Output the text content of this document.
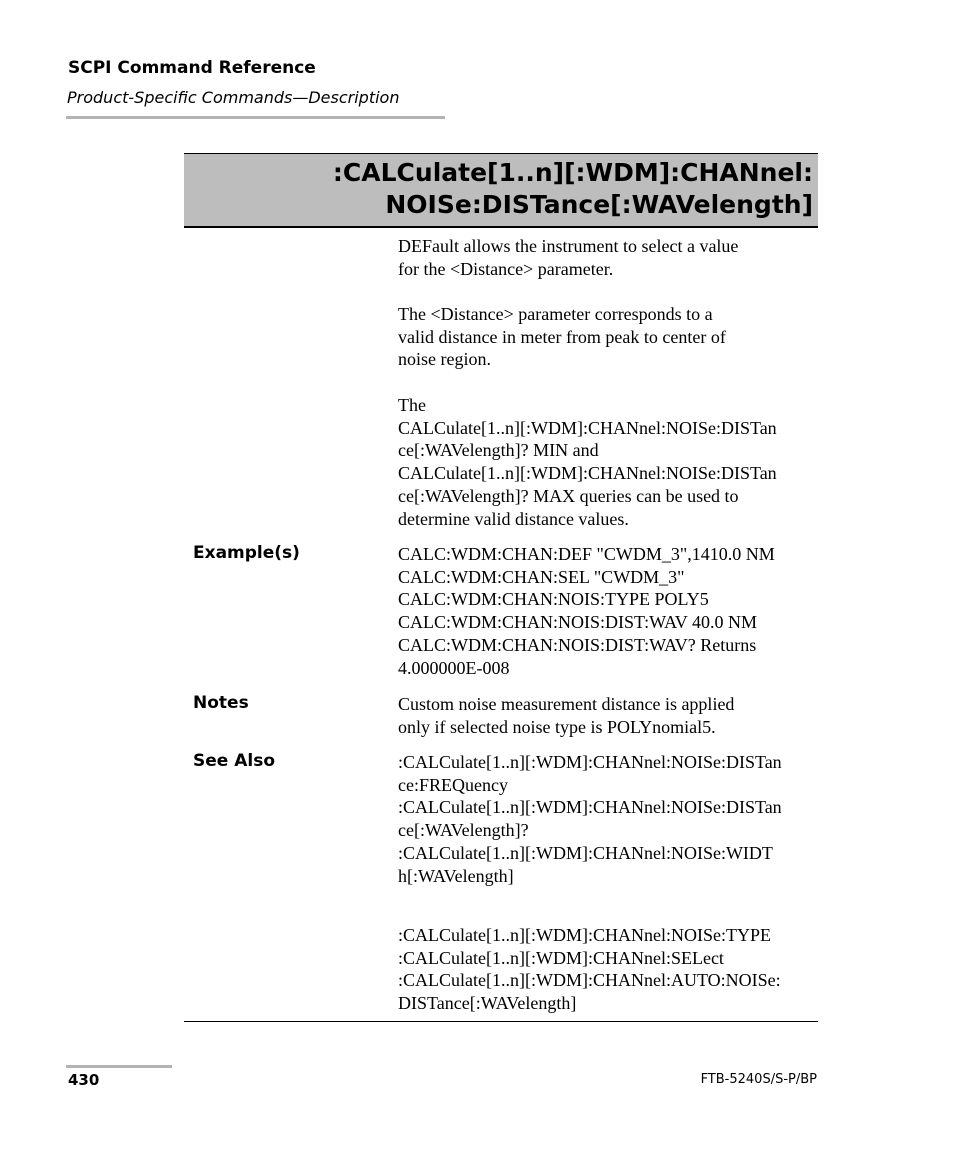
SCPI Command Reference
Product-Specific Commands—Description
:CALCulate[1..n][:WDM]:CHANnel:
NOISe:DISTance[:WAVelength]
DEFault allows the instrument to select a value
for the <Distance> parameter.
The <Distance> parameter corresponds to a
valid distance in meter from peak to center of
noise region.
The
CALCulate[1..n][:WDM]:CHANnel:NOISe:DISTan
ce[:WAVelength]? MIN and
CALCulate[1..n][:WDM]:CHANnel:NOISe:DISTan
ce[:WAVelength]? MAX queries can be used to
determine valid distance values.
Example(s)	CALC:WDM:CHAN:DEF "CWDM_3",1410.0 NM
CALC:WDM:CHAN:SEL "CWDM_3"
CALC:WDM:CHAN:NOIS:TYPE POLY5
CALC:WDM:CHAN:NOIS:DIST:WAV 40.0 NM
CALC:WDM:CHAN:NOIS:DIST:WAV? Returns
4.000000E-008
Notes	Custom noise measurement distance is applied
only if selected noise type is POLYnomial5.
See Also	:CALCulate[1..n][:WDM]:CHANnel:NOISe:DISTan
ce:FREQuency
:CALCulate[1..n][:WDM]:CHANnel:NOISe:DISTan
ce[:WAVelength]?
:CALCulate[1..n][:WDM]:CHANnel:NOISe:WIDT
h[:WAVelength]
:CALCulate[1..n][:WDM]:CHANnel:NOISe:TYPE
:CALCulate[1..n][:WDM]:CHANnel:SELect
:CALCulate[1..n][:WDM]:CHANnel:AUTO:NOISe:
DISTance[:WAVelength]
430	FTB-5240S/S-P/BP
